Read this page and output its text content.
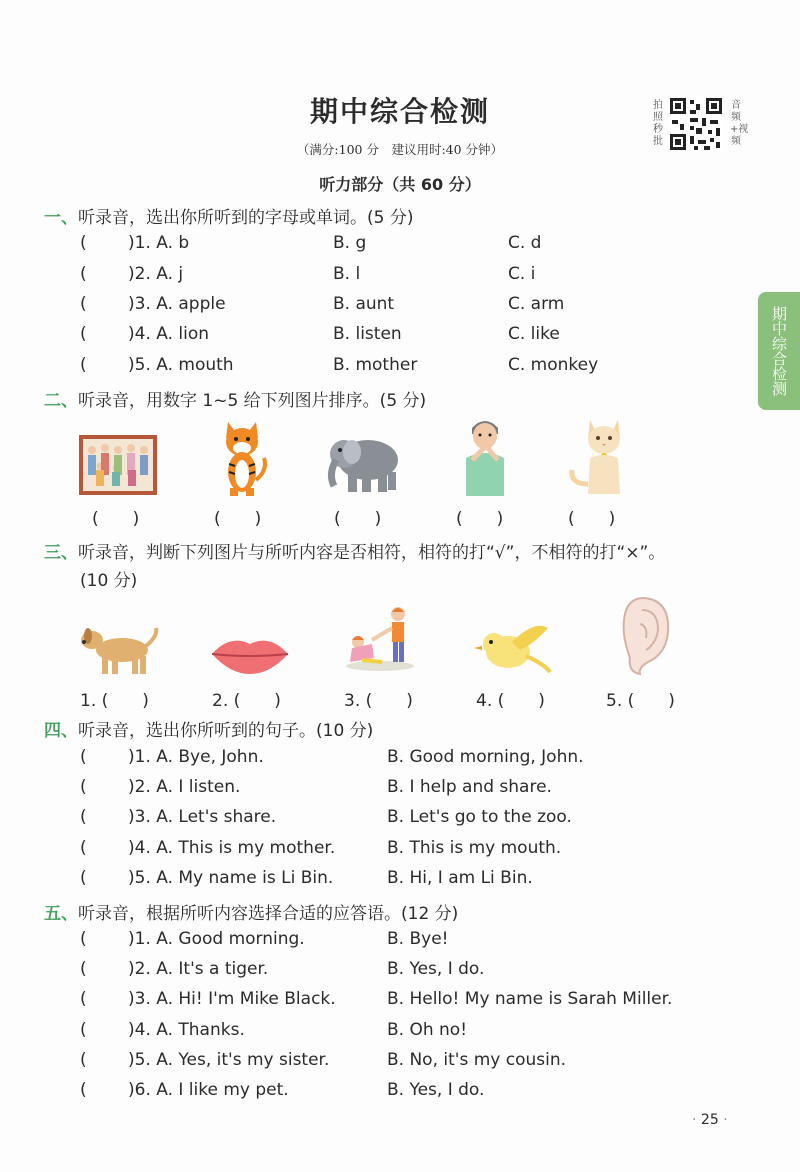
期中综合检测
（满分:100 分　建议用时:40 分钟）
拍照秒批
音频+视频
期中综合检测
听力部分（共 60 分）
一、听录音，选出你所听到的字母或单词。(5 分)
( )1. A. b	B. g	C. d
( )2. A. j	B. l	C. i
( )3. A. apple	B. aunt	C. arm
( )4. A. lion	B. listen	C. like
( )5. A. mouth	B. mother	C. monkey
二、听录音，用数字 1~5 给下列图片排序。(5 分)
(　　)	(　　)	(　　)	(　　)	(　　)
三、听录音，判断下列图片与所听内容是否相符，相符的打“√”，不相符的打“×”。
(10 分)
1. (　　)	2. (　　)	3. (　　)	4. (　　)	5. (　　)
四、听录音，选出你所听到的句子。(10 分)
( )1. A. Bye, John.	B. Good morning, John.
( )2. A. I listen.	B. I help and share.
( )3. A. Let's share.	B. Let's go to the zoo.
( )4. A. This is my mother.	B. This is my mouth.
( )5. A. My name is Li Bin.	B. Hi, I am Li Bin.
五、听录音，根据所听内容选择合适的应答语。(12 分)
( )1. A. Good morning.	B. Bye!
( )2. A. It's a tiger.	B. Yes, I do.
( )3. A. Hi! I'm Mike Black.	B. Hello! My name is Sarah Miller.
( )4. A. Thanks.	B. Oh no!
( )5. A. Yes, it's my sister.	B. No, it's my cousin.
( )6. A. I like my pet.	B. Yes, I do.
· 25 ·
